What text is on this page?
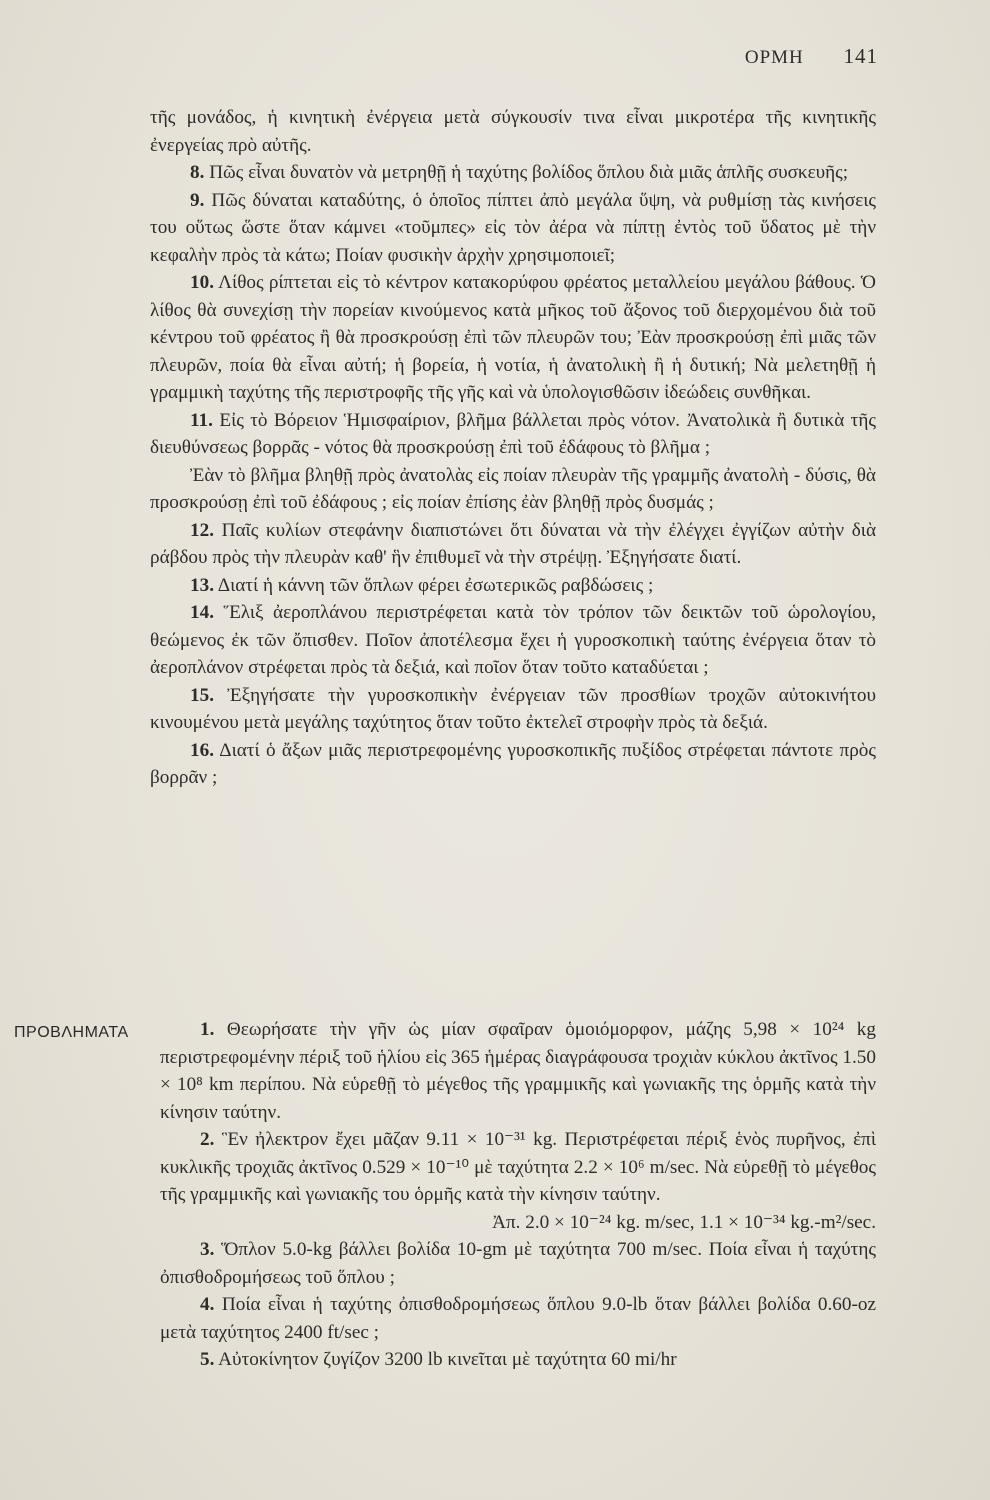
ΟΡΜΗ 141

τῆς μονάδος, ἡ κινητικὴ ἐνέργεια μετὰ σύγκουσίν τινα εἶναι μικροτέρα τῆς κινητικῆς ἐνεργείας πρὸ αὐτῆς.

8. Πῶς εἶναι δυνατὸν νὰ μετρηθῇ ἡ ταχύτης βολίδος ὅπλου διὰ μιᾶς ἁπλῆς συσκευῆς;

9. Πῶς δύναται καταδύτης, ὁ ὁποῖος πίπτει ἀπὸ μεγάλα ὕψη, νὰ ρυθμίσῃ τὰς κινήσεις του οὕτως ὥστε ὅταν κάμνει «τοῦμπες» εἰς τὸν ἀέρα νὰ πίπτῃ ἐντὸς τοῦ ὕδατος μὲ τὴν κεφαλὴν πρὸς τὰ κάτω; Ποίαν φυσικὴν ἀρχὴν χρησιμοποιεῖ;

10. Λίθος ρίπτεται εἰς τὸ κέντρον κατακορύφου φρέατος μεταλλείου μεγάλου βάθους. Ὁ λίθος θὰ συνεχίσῃ τὴν πορείαν κινούμενος κατὰ μῆκος τοῦ ἄξονος τοῦ διερχομένου διὰ τοῦ κέντρου τοῦ φρέατος ἢ θὰ προσκρούσῃ ἐπὶ τῶν πλευρῶν του; Ἐὰν προσκρούσῃ ἐπὶ μιᾶς τῶν πλευρῶν, ποία θὰ εἶναι αὐτή; ἡ βορεία, ἡ νοτία, ἡ ἀνατολικὴ ἢ ἡ δυτική; Νὰ μελετηθῇ ἡ γραμμικὴ ταχύτης τῆς περιστροφῆς τῆς γῆς καὶ νὰ ὑπολογισθῶσιν ἰδεώδεις συνθῆκαι.

11. Εἰς τὸ Βόρειον Ἡμισφαίριον, βλῆμα βάλλεται πρὸς νότον. Ἀνατολικὰ ἢ δυτικὰ τῆς διευθύνσεως βορρᾶς - νότος θὰ προσκρούσῃ ἐπὶ τοῦ ἐδάφους τὸ βλῆμα ;

Ἐὰν τὸ βλῆμα βληθῇ πρὸς ἀνατολὰς εἰς ποίαν πλευρὰν τῆς γραμμῆς ἀνατολὴ - δύσις, θὰ προσκρούσῃ ἐπὶ τοῦ ἐδάφους ; εἰς ποίαν ἐπίσης ἐὰν βληθῇ πρὸς δυσμάς ;

12. Παῖς κυλίων στεφάνην διαπιστώνει ὅτι δύναται νὰ τὴν ἐλέγχει ἐγγίζων αὐτὴν διὰ ράβδου πρὸς τὴν πλευρὰν καθ' ἣν ἐπιθυμεῖ νὰ τὴν στρέψῃ. Ἐξηγήσατε διατί.

13. Διατί ἡ κάννη τῶν ὅπλων φέρει ἐσωτερικῶς ραβδώσεις ;

14. Ἕλιξ ἀεροπλάνου περιστρέφεται κατὰ τὸν τρόπον τῶν δεικτῶν τοῦ ὡρολογίου, θεώμενος ἐκ τῶν ὄπισθεν. Ποῖον ἀποτέλεσμα ἔχει ἡ γυροσκοπικὴ ταύτης ἐνέργεια ὅταν τὸ ἀεροπλάνον στρέφεται πρὸς τὰ δεξιά, καὶ ποῖον ὅταν τοῦτο καταδύεται ;

15. Ἐξηγήσατε τὴν γυροσκοπικὴν ἐνέργειαν τῶν προσθίων τροχῶν αὐτοκινήτου κινουμένου μετὰ μεγάλης ταχύτητος ὅταν τοῦτο ἐκτελεῖ στροφὴν πρὸς τὰ δεξιά.

16. Διατί ὁ ἄξων μιᾶς περιστρεφομένης γυροσκοπικῆς πυξίδος στρέφεται πάντοτε πρὸς βορρᾶν ;

ΠΡΟΒΛΗΜΑΤΑ	1. Θεωρήσατε τὴν γῆν ὡς μίαν σφαῖραν ὁμοιόμορφον, μάζης 5,98 × 10²⁴ kg περιστρεφομένην πέριξ τοῦ ἡλίου εἰς 365 ἡμέρας διαγράφουσα τροχιὰν κύκλου ἀκτῖνος 1.50 × 10⁸ km περίπου. Νὰ εὑρεθῇ τὸ μέγεθος τῆς γραμμικῆς καὶ γωνιακῆς της ὁρμῆς κατὰ τὴν κίνησιν ταύτην.

2. Ἓν ἠλεκτρον ἔχει μᾶζαν 9.11 × 10⁻³¹ kg. Περιστρέφεται πέριξ ἑνὸς πυρῆνος, ἐπὶ κυκλικῆς τροχιᾶς ἀκτῖνος 0.529 × 10⁻¹⁰ μὲ ταχύτητα 2.2 × 10⁶ m/sec. Νὰ εὑρεθῇ τὸ μέγεθος τῆς γραμμικῆς καὶ γωνιακῆς του ὁρμῆς κατὰ τὴν κίνησιν ταύτην.

Ἀπ. 2.0 × 10⁻²⁴ kg. m/sec, 1.1 × 10⁻³⁴ kg.-m²/sec.

3. Ὅπλον 5.0-kg βάλλει βολίδα 10-gm μὲ ταχύτητα 700 m/sec. Ποία εἶναι ἡ ταχύτης ὀπισθοδρομήσεως τοῦ ὅπλου ;

4. Ποία εἶναι ἡ ταχύτης ὀπισθοδρομήσεως ὅπλου 9.0-lb ὅταν βάλλει βολίδα 0.60-oz μετὰ ταχύτητος 2400 ft/sec ;

5. Αὐτοκίνητον ζυγίζον 3200 lb κινεῖται μὲ ταχύτητα 60 mi/hr
